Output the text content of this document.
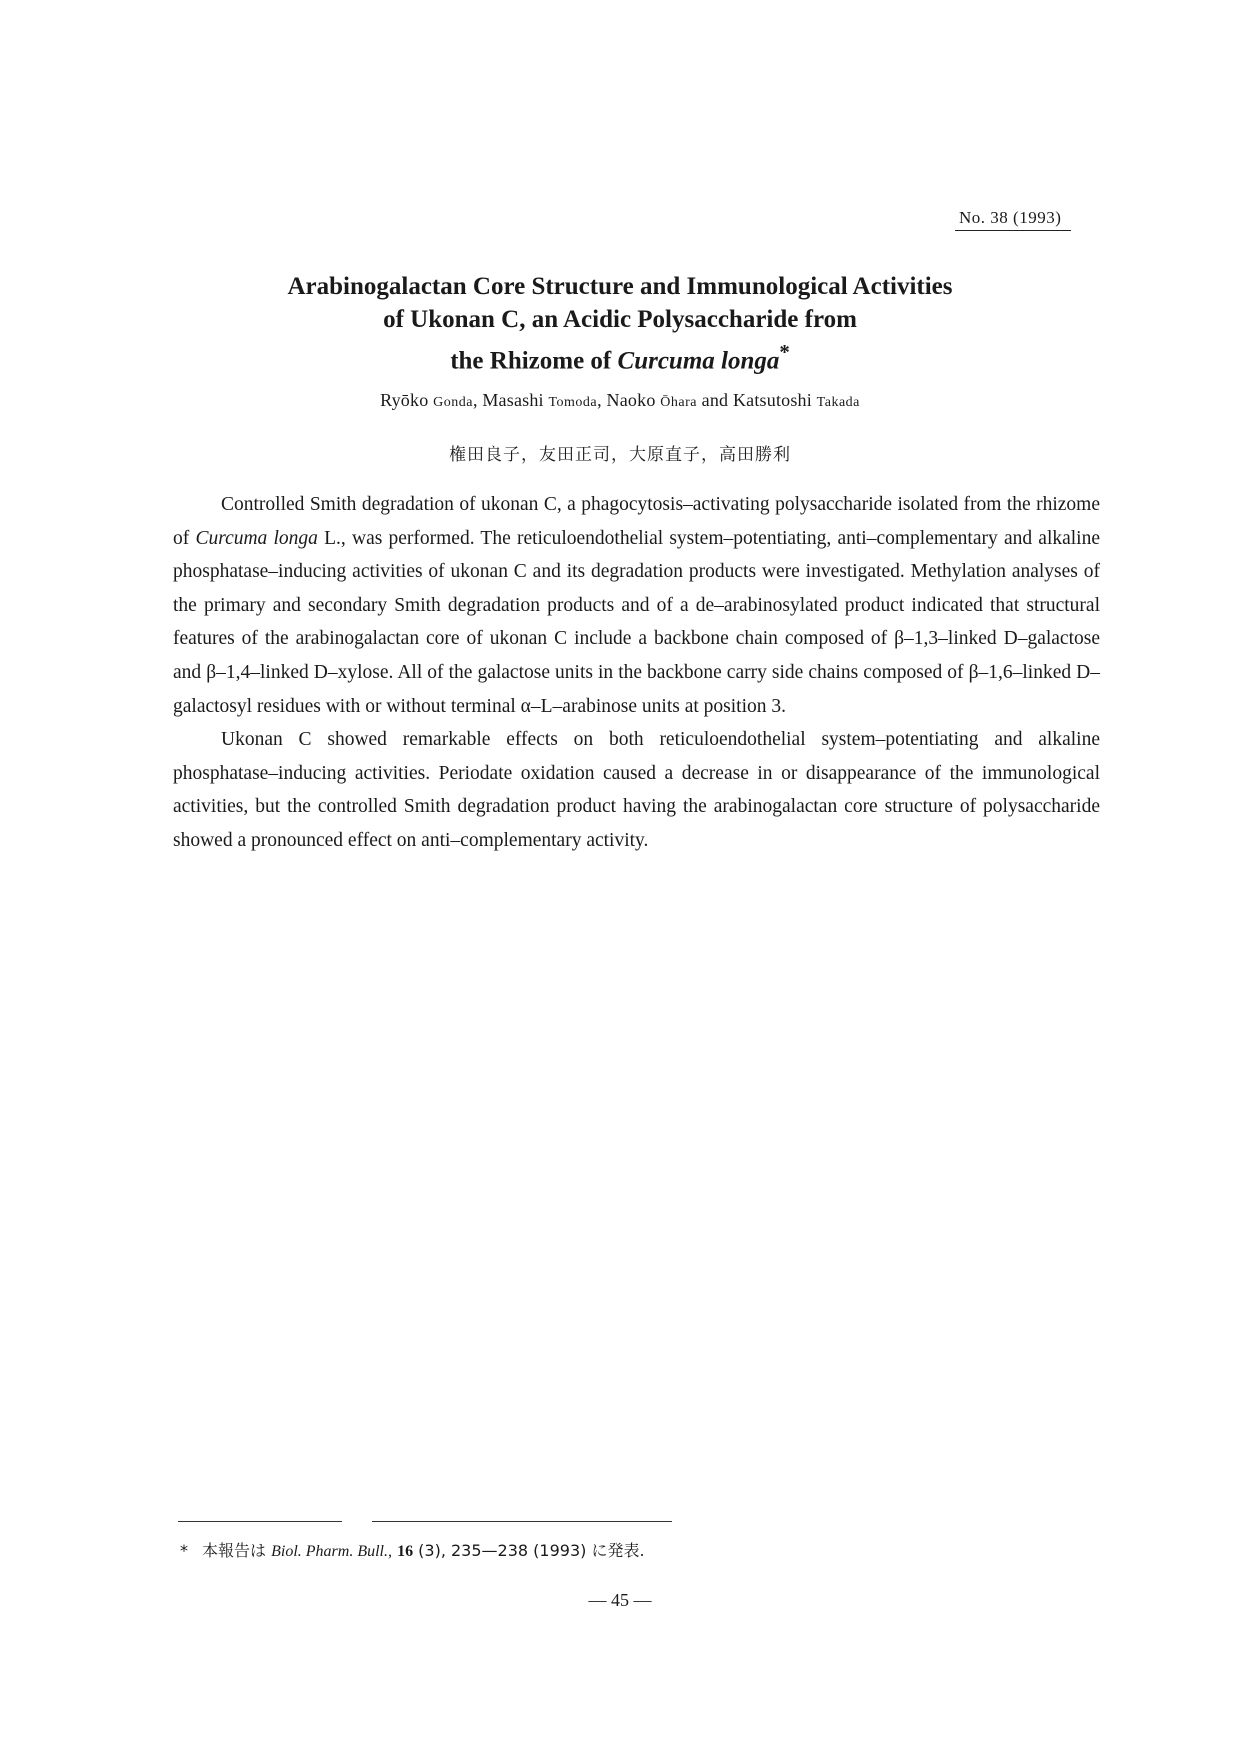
No. 38 (1993)
Arabinogalactan Core Structure and Immunological Activities
of Ukonan C, an Acidic Polysaccharide from
the Rhizome of Curcuma longa*
Ryōko Gonda, Masashi Tomoda, Naoko Ōhara and Katsutoshi Takada
権田良子，友田正司，大原直子，高田勝利

Controlled Smith degradation of ukonan C, a phagocytosis–activating polysaccharide isolated from the rhizome of Curcuma longa L., was performed. The reticuloendothelial system–potentiating, anti–complementary and alkaline phosphatase–inducing activities of ukonan C and its degradation products were investigated. Methylation analyses of the primary and secondary Smith degradation products and of a de–arabinosylated product indicated that structural features of the arabinogalactan core of ukonan C include a backbone chain composed of β–1,3–linked D–galactose and β–1,4–linked D–xylose. All of the galactose units in the backbone carry side chains composed of β–1,6–linked D–galactosyl residues with or without terminal α–L–arabinose units at position 3.

Ukonan C showed remarkable effects on both reticuloendothelial system–potentiating and alkaline phosphatase–inducing activities. Periodate oxidation caused a decrease in or disappearance of the immunological activities, but the controlled Smith degradation product having the arabinogalactan core structure of polysaccharide showed a pronounced effect on anti–complementary activity.

* 本報告は Biol. Pharm. Bull., 16 (3), 235—238 (1993) に発表.
— 45 —
